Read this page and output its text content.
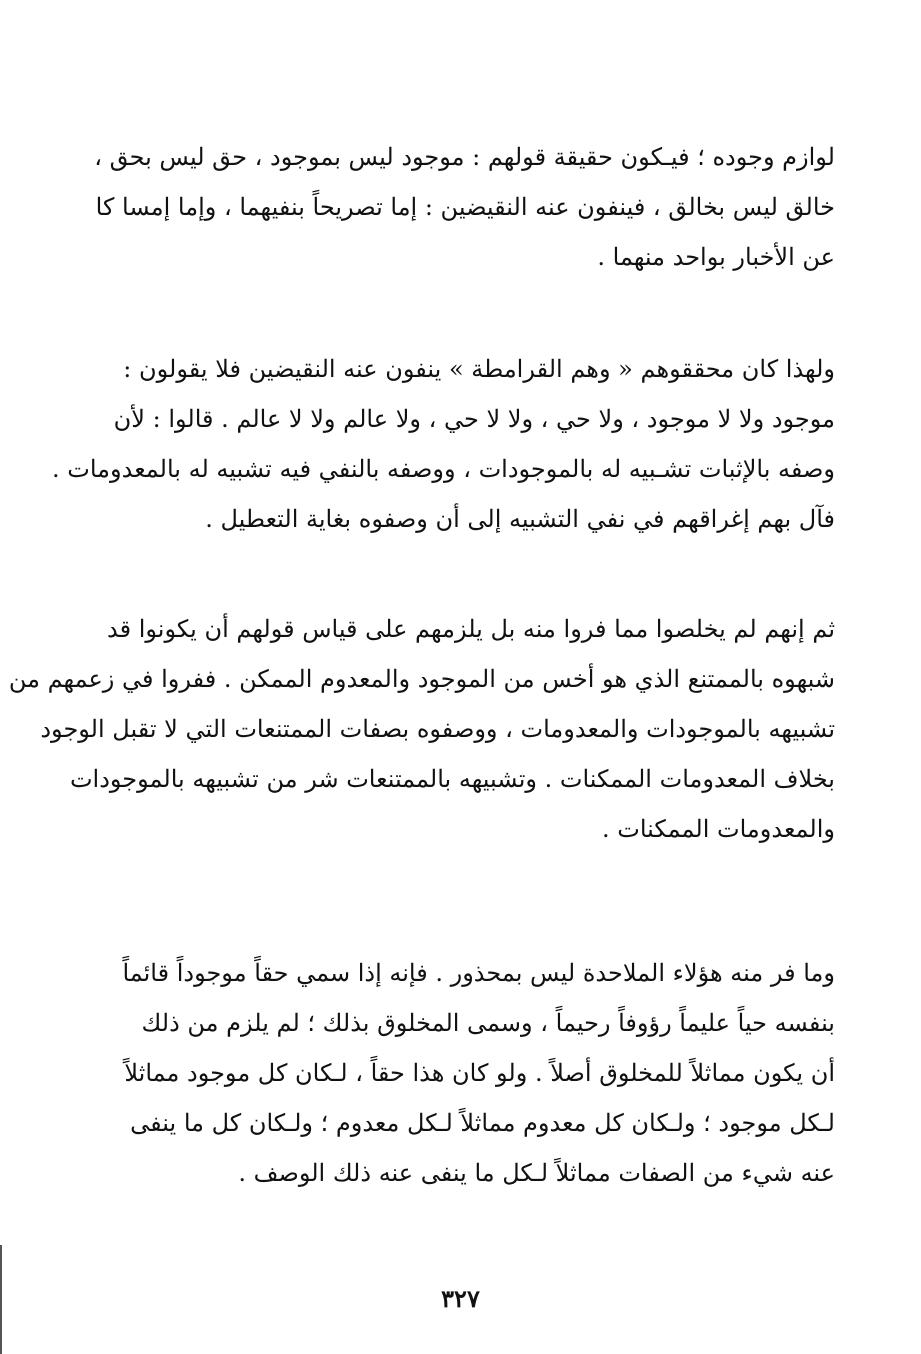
لوازم وجوده ؛ فيـكون حقيقة قولهم : موجود ليس بموجود ، حق ليس بحق ،
خالق ليس بخالق ، فينفون عنه النقيضين : إما تصريحاً بنفيهما ، وإما إمسا كا
عن الأخبار بواحد منهما .
ولهذا كان محققوهم « وهم القرامطة » ينفون عنه النقيضين فلا يقولون :
موجود ولا لا موجود ، ولا حي ، ولا لا حي ، ولا عالم ولا لا عالم . قالوا : لأن
وصفه بالإثبات تشـبيه له بالموجودات ، ووصفه بالنفي فيه تشبيه له بالمعدومات .
فآل بهم إغراقهم في نفي التشبيه إلى أن وصفوه بغاية التعطيل .
ثم إنهم لم يخلصوا مما فروا منه بل يلزمهم على قياس قولهم أن يكونوا قد
شبهوه بالممتنع الذي هو أخس من الموجود والمعدوم الممكن . ففروا في زعمهم من
تشبيهه بالموجودات والمعدومات ، ووصفوه بصفات الممتنعات التي لا تقبل الوجود
بخلاف المعدومات الممكنات . وتشبيهه بالممتنعات شر من تشبيهه بالموجودات
والمعدومات الممكنات .
وما فر منه هؤلاء الملاحدة ليس بمحذور . فإنه إذا سمي حقاً موجوداً قائماً
بنفسه حياً عليماً رؤوفاً رحيماً ، وسمى المخلوق بذلك ؛ لم يلزم من ذلك
أن يكون مماثلاً للمخلوق أصلاً . ولو كان هذا حقاً ، لـكان كل موجود مماثلاً
لـكل موجود ؛ ولـكان كل معدوم مماثلاً لـكل معدوم ؛ ولـكان كل ما ينفى
عنه شيء من الصفات مماثلاً لـكل ما ينفى عنه ذلك الوصف .
٣٢٧
